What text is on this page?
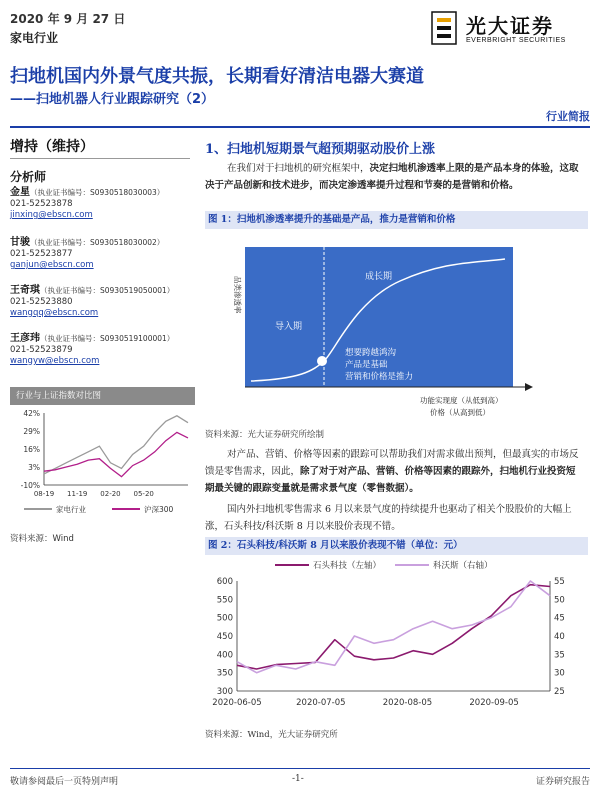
2020 年 9 月 27 日
家电行业	光大证券
EVERBRIGHT SECURITIES
扫地机国内外景气度共振，长期看好清洁电器大赛道
——扫地机器人行业跟踪研究（2）
行业简报
增持（维持）
分析师
金星（执业证书编号：S0930518030003）
021-52523878
jinxing@ebscn.com
甘骏（执业证书编号：S0930518030002）
021-52523877
ganjun@ebscn.com
王奇琪（执业证书编号：S0930519050001）
021-52523880
wangqq@ebscn.com
王彦玮（执业证书编号：S0930519100001）
021-52523879
wangyw@ebscn.com
行业与上证指数对比图
42%
29%
16%
3%
-10%
08-19 11-19 02-20 05-20
家电行业	沪深300
资料来源：Wind
1、扫地机短期景气超预期驱动股价上涨
在我们对于扫地机的研究框架中，决定扫地机渗透率上限的是产品本身的体验，这取决于产品创新和技术进步，而决定渗透率提升过程和节奏的是营销和价格。
图 1：扫地机渗透率提升的基础是产品，推力是营销和价格
品类渗透率
导入期
成长期
想要跨越鸿沟
产品是基础
营销和价格是推力
功能实现度（从低到高）
价格（从高到低）
资料来源：光大证券研究所绘制
对产品、营销、价格等因素的跟踪可以帮助我们对需求做出预判，但最真实的市场反馈是零售需求，因此，除了对于对产品、营销、价格等因素的跟踪外，扫地机行业投资短期最关键的跟踪变量就是需求景气度（零售数据）。
国内外扫地机零售需求 6 月以来景气度的持续提升也驱动了相关个股股价的大幅上涨，石头科技/科沃斯 8 月以来股价表现不错。
图 2：石头科技/科沃斯 8 月以来股价表现不错（单位：元）
600
550
500
450
400
350
300
55
50
45
40
35
30
25
2020-06-05	2020-07-05	2020-08-05	2020-09-05
石头科技（左轴）	科沃斯（右轴）
资料来源：Wind，光大证券研究所
敬请参阅最后一页特别声明	-1-	证券研究报告
